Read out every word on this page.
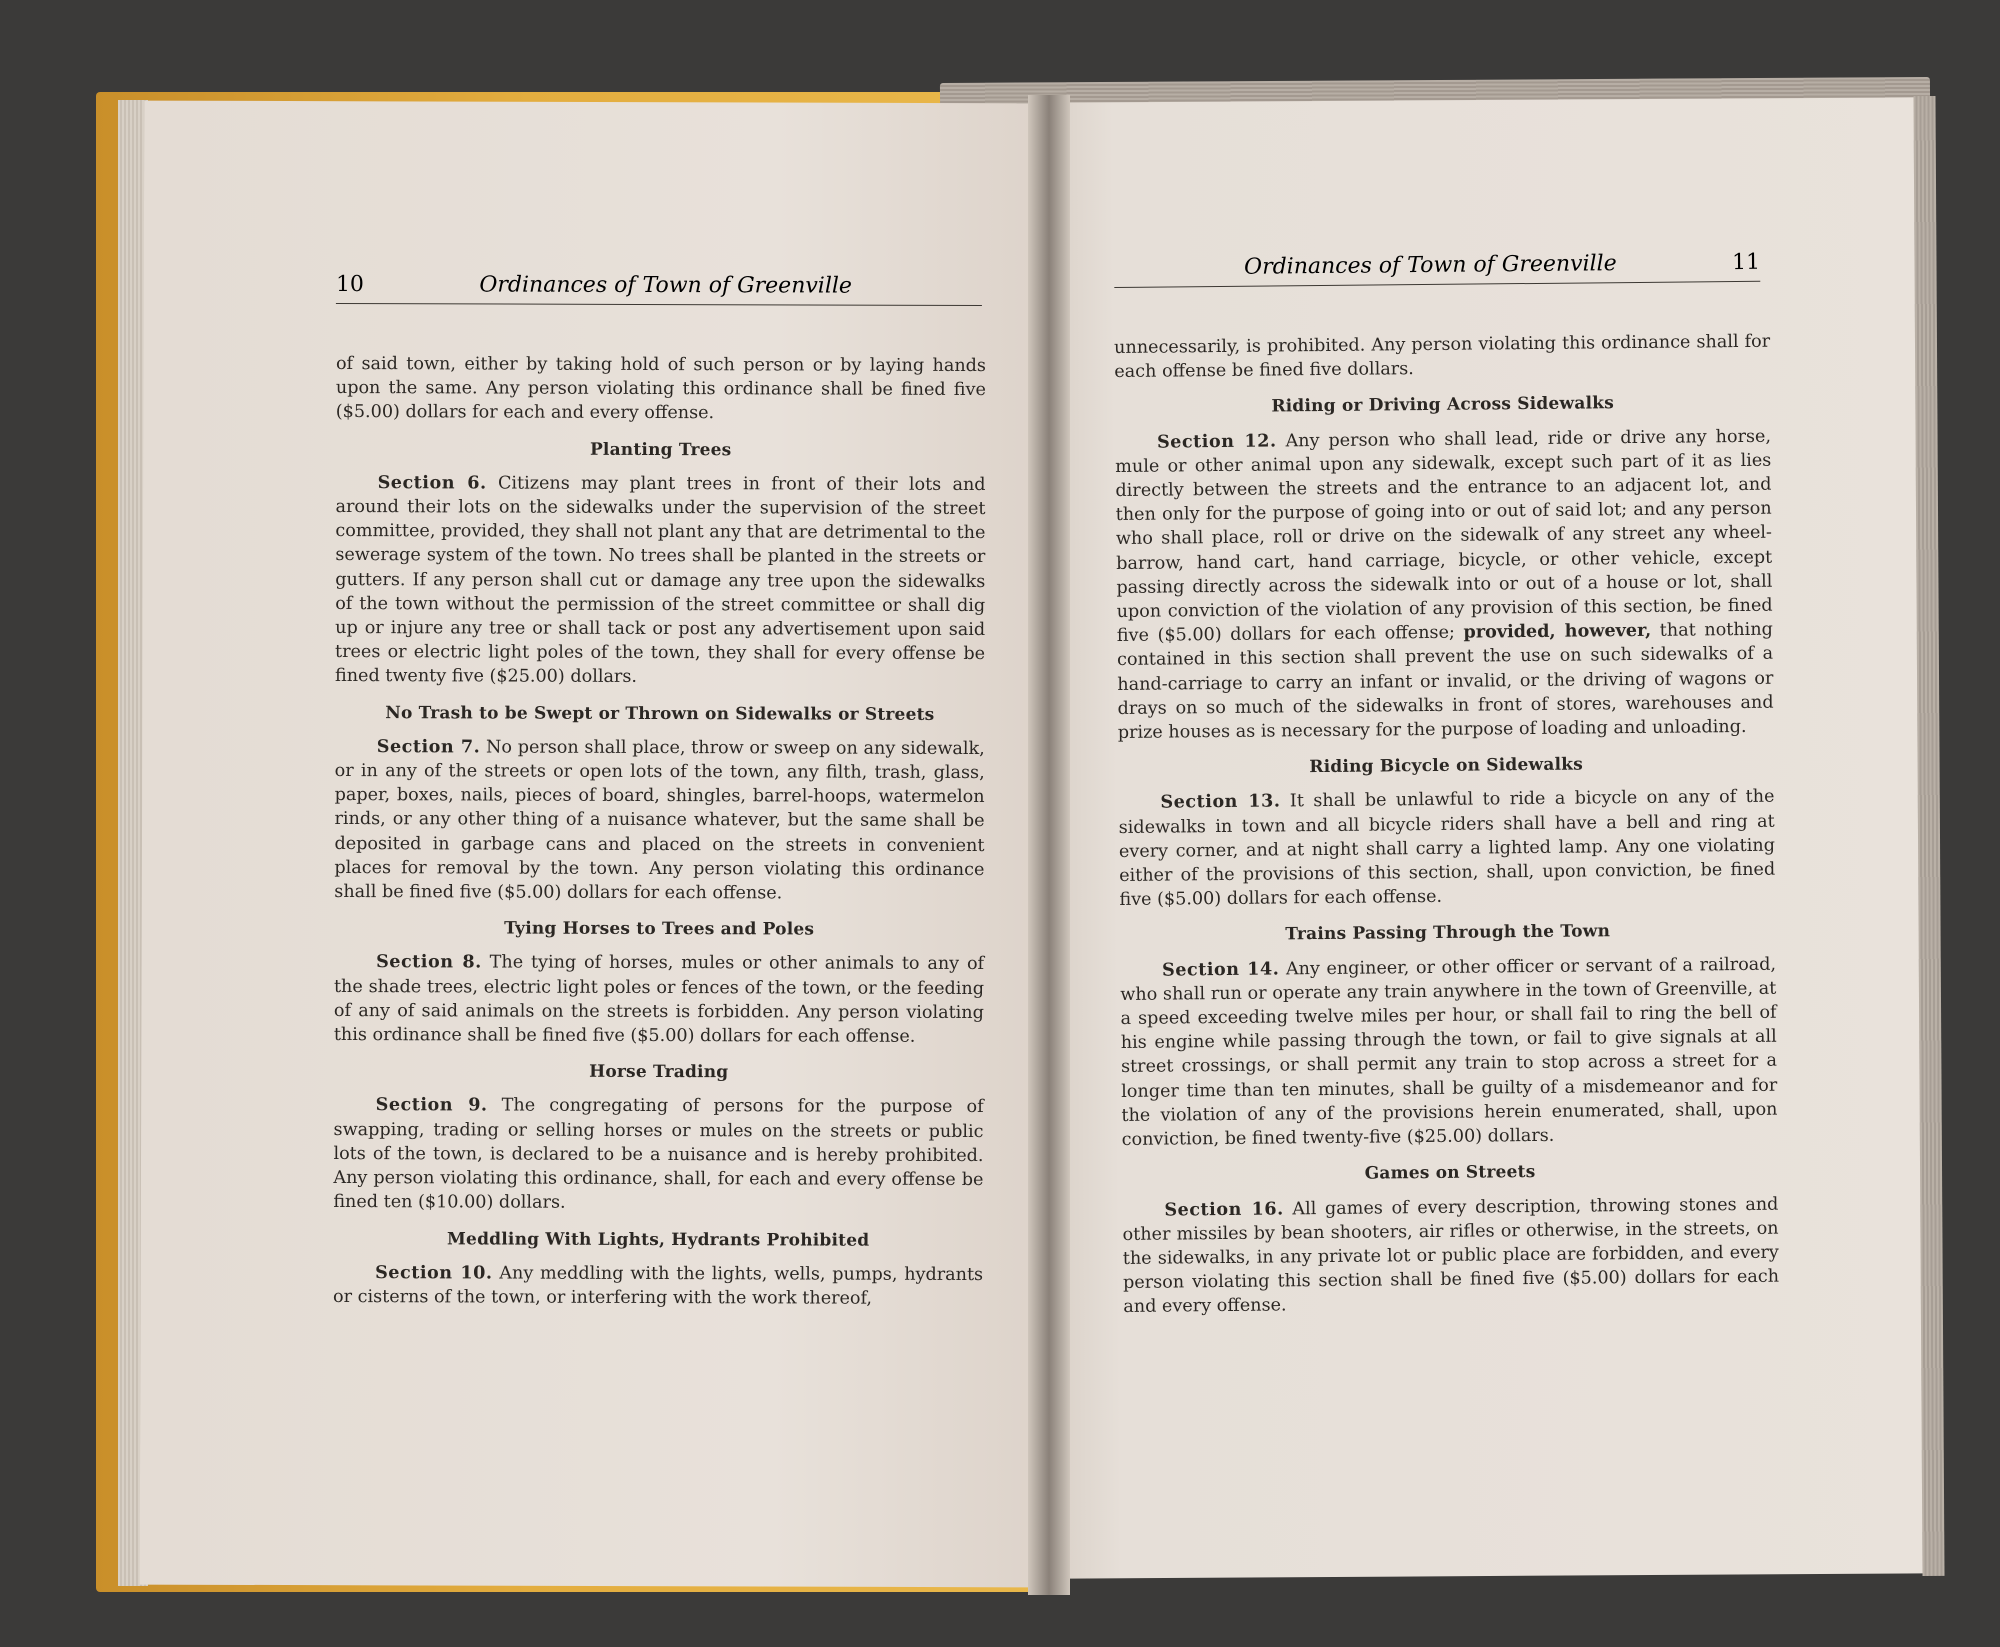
10	Ordinances of Town of Greenville

of said town, either by taking hold of such person or by laying hands upon the same. Any person violating this ordinance shall be fined five ($5.00) dollars for each and every offense.

Planting Trees

Section 6. Citizens may plant trees in front of their lots and around their lots on the sidewalks under the supervision of the street committee, provided, they shall not plant any that are detrimental to the sewerage system of the town. No trees shall be planted in the streets or gutters. If any person shall cut or damage any tree upon the sidewalks of the town without the permission of the street committee or shall dig up or injure any tree or shall tack or post any advertisement upon said trees or electric light poles of the town, they shall for every offense be fined twenty five ($25.00) dollars.

No Trash to be Swept or Thrown on Sidewalks or Streets

Section 7. No person shall place, throw or sweep on any sidewalk, or in any of the streets or open lots of the town, any filth, trash, glass, paper, boxes, nails, pieces of board, shingles, barrel-hoops, watermelon rinds, or any other thing of a nuisance whatever, but the same shall be deposited in garbage cans and placed on the streets in convenient places for removal by the town. Any person violating this ordinance shall be fined five ($5.00) dollars for each offense.

Tying Horses to Trees and Poles

Section 8. The tying of horses, mules or other animals to any of the shade trees, electric light poles or fences of the town, or the feeding of any of said animals on the streets is forbidden. Any person violating this ordinance shall be fined five ($5.00) dollars for each offense.

Horse Trading

Section 9. The congregating of persons for the purpose of swapping, trading or selling horses or mules on the streets or public lots of the town, is declared to be a nuisance and is hereby prohibited. Any person violating this ordinance, shall, for each and every offense be fined ten ($10.00) dollars.

Meddling With Lights, Hydrants Prohibited

Section 10. Any meddling with the lights, wells, pumps, hydrants or cisterns of the town, or interfering with the work thereof,

Ordinances of Town of Greenville	11

unnecessarily, is prohibited. Any person violating this ordinance shall for each offense be fined five dollars.

Riding or Driving Across Sidewalks

Section 12. Any person who shall lead, ride or drive any horse, mule or other animal upon any sidewalk, except such part of it as lies directly between the streets and the entrance to an adjacent lot, and then only for the purpose of going into or out of said lot; and any person who shall place, roll or drive on the sidewalk of any street any wheel-barrow, hand cart, hand carriage, bicycle, or other vehicle, except passing directly across the sidewalk into or out of a house or lot, shall upon conviction of the violation of any provision of this section, be fined five ($5.00) dollars for each offense; provided, however, that nothing contained in this section shall prevent the use on such sidewalks of a hand-carriage to carry an infant or invalid, or the driving of wagons or drays on so much of the sidewalks in front of stores, warehouses and prize houses as is necessary for the purpose of loading and unloading.

Riding Bicycle on Sidewalks

Section 13. It shall be unlawful to ride a bicycle on any of the sidewalks in town and all bicycle riders shall have a bell and ring at every corner, and at night shall carry a lighted lamp. Any one violating either of the provisions of this section, shall, upon conviction, be fined five ($5.00) dollars for each offense.

Trains Passing Through the Town

Section 14. Any engineer, or other officer or servant of a railroad, who shall run or operate any train anywhere in the town of Greenville, at a speed exceeding twelve miles per hour, or shall fail to ring the bell of his engine while passing through the town, or fail to give signals at all street crossings, or shall permit any train to stop across a street for a longer time than ten minutes, shall be guilty of a misdemeanor and for the violation of any of the provisions herein enumerated, shall, upon conviction, be fined twenty-five ($25.00) dollars.

Games on Streets

Section 16. All games of every description, throwing stones and other missiles by bean shooters, air rifles or otherwise, in the streets, on the sidewalks, in any private lot or public place are forbidden, and every person violating this section shall be fined five ($5.00) dollars for each and every offense.
